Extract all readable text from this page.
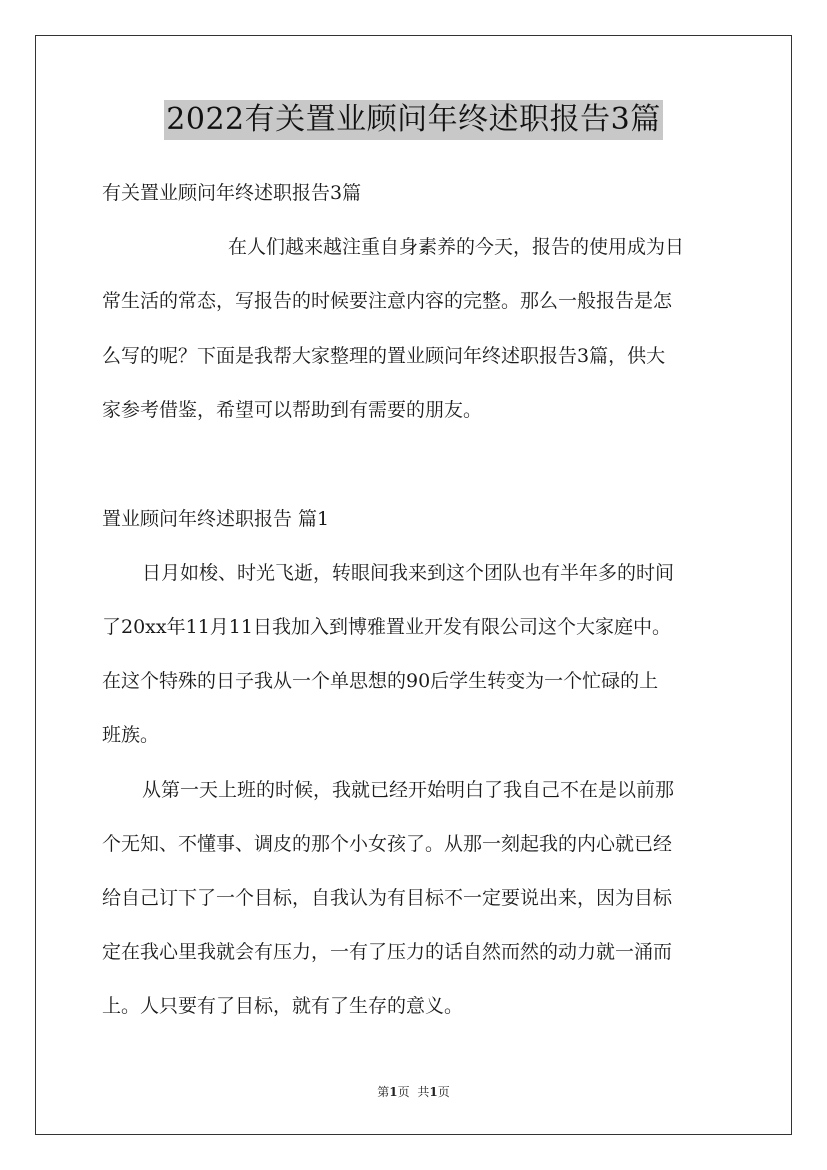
2022有关置业顾问年终述职报告3篇
有关置业顾问年终述职报告3篇
在人们越来越注重自身素养的今天，报告的使用成为日
常生活的常态，写报告的时候要注意内容的完整。那么一般报告是怎
么写的呢？下面是我帮大家整理的置业顾问年终述职报告3篇，供大
家参考借鉴，希望可以帮助到有需要的朋友。
置业顾问年终述职报告 篇1
日月如梭、时光飞逝，转眼间我来到这个团队也有半年多的时间
了20xx年11月11日我加入到博雅置业开发有限公司这个大家庭中。
在这个特殊的日子我从一个单思想的90后学生转变为一个忙碌的上
班族。
从第一天上班的时候，我就已经开始明白了我自己不在是以前那
个无知、不懂事、调皮的那个小女孩了。从那一刻起我的内心就已经
给自己订下了一个目标，自我认为有目标不一定要说出来，因为目标
定在我心里我就会有压力，一有了压力的话自然而然的动力就一涌而
上。人只要有了目标，就有了生存的意义。
第1页 共1页
